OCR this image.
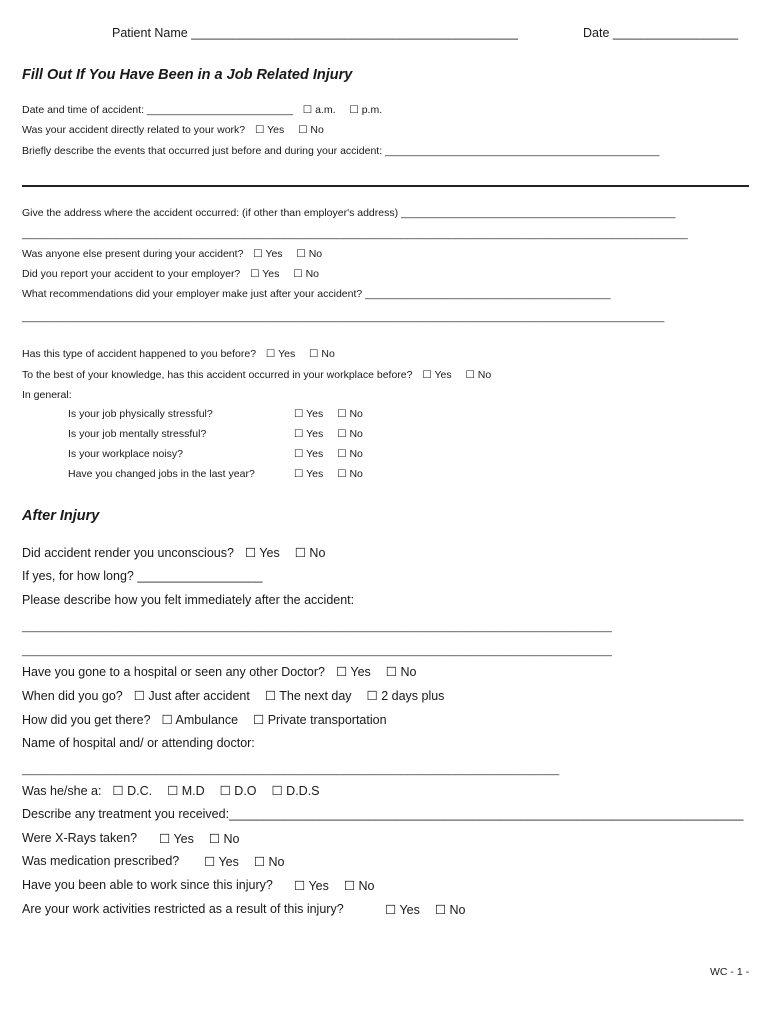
Patient Name _______________________________________________	Date __________________
Fill Out If You Have Been in a Job Related Injury
Date and time of accident: _________________________ ☐ a.m. ☐ p.m.
Was your accident directly related to your work? ☐ Yes ☐ No
Briefly describe the events that occurred just before and during your accident: _______________________________________________
Give the address where the accident occurred: (if other than employer's address) _______________________________________________
__________________________________________________________________________________________________________________
Was anyone else present during your accident? ☐ Yes ☐ No
Did you report your accident to your employer? ☐ Yes ☐ No
What recommendations did your employer make just after your accident? __________________________________________
______________________________________________________________________________________________________________
Has this type of accident happened to you before? ☐ Yes ☐ No
To the best of your knowledge, has this accident occurred in your workplace before? ☐ Yes ☐ No
In general:
Is your job physically stressful?	☐ Yes ☐ No
Is your job mentally stressful?	☐ Yes ☐ No
Is your workplace noisy?	☐ Yes ☐ No
Have you changed jobs in the last year?	☐ Yes ☐ No
After Injury
Did accident render you unconscious? ☐ Yes ☐ No
If yes, for how long? __________________
Please describe how you felt immediately after the accident:
_____________________________________________________________________________________________________
_____________________________________________________________________________________________________
Have you gone to a hospital or seen any other Doctor? ☐ Yes ☐ No
When did you go? ☐ Just after accident ☐ The next day ☐ 2 days plus
How did you get there? ☐ Ambulance ☐ Private transportation
Name of hospital and/ or attending doctor:
____________________________________________________________________________________________
Was he/she a: ☐ D.C. ☐ M.D ☐ D.O ☐ D.D.S
Describe any treatment you received:__________________________________________________________________________
Were X-Rays taken? ☐ Yes ☐ No
Was medication prescribed? ☐ Yes ☐ No
Have you been able to work since this injury? ☐ Yes ☐ No
Are your work activities restricted as a result of this injury?	☐ Yes ☐ No
WC - 1 -
